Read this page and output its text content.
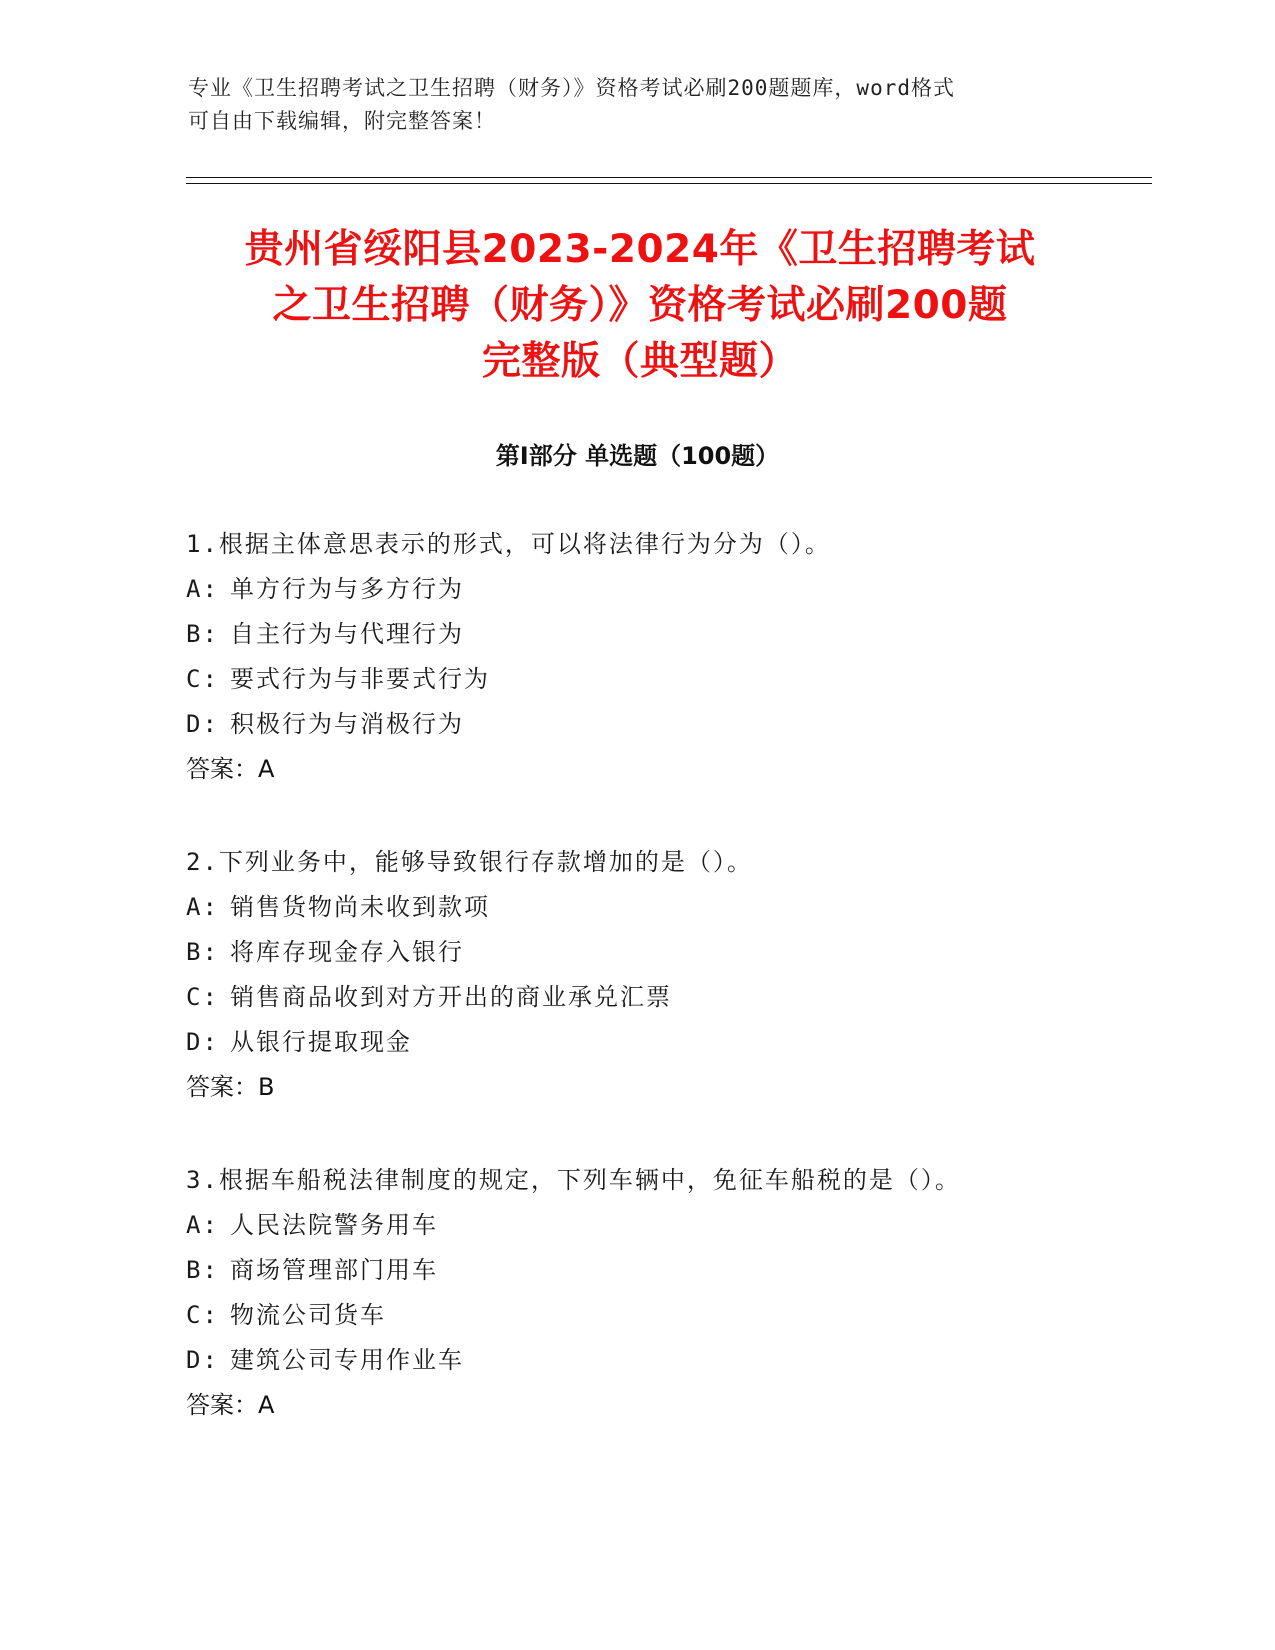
专业《卫生招聘考试之卫生招聘（财务）》资格考试必刷200题题库，word格式
可自由下载编辑，附完整答案！
贵州省绥阳县2023-2024年《卫生招聘考试
之卫生招聘（财务）》资格考试必刷200题
完整版（典型题）
第I部分 单选题（100题）
1.根据主体意思表示的形式，可以将法律行为分为（）。
A: 单方行为与多方行为
B: 自主行为与代理行为
C: 要式行为与非要式行为
D: 积极行为与消极行为
答案：A
2.下列业务中，能够导致银行存款增加的是（）。
A: 销售货物尚未收到款项
B: 将库存现金存入银行
C: 销售商品收到对方开出的商业承兑汇票
D: 从银行提取现金
答案：B
3.根据车船税法律制度的规定，下列车辆中，免征车船税的是（）。
A: 人民法院警务用车
B: 商场管理部门用车
C: 物流公司货车
D: 建筑公司专用作业车
答案：A
